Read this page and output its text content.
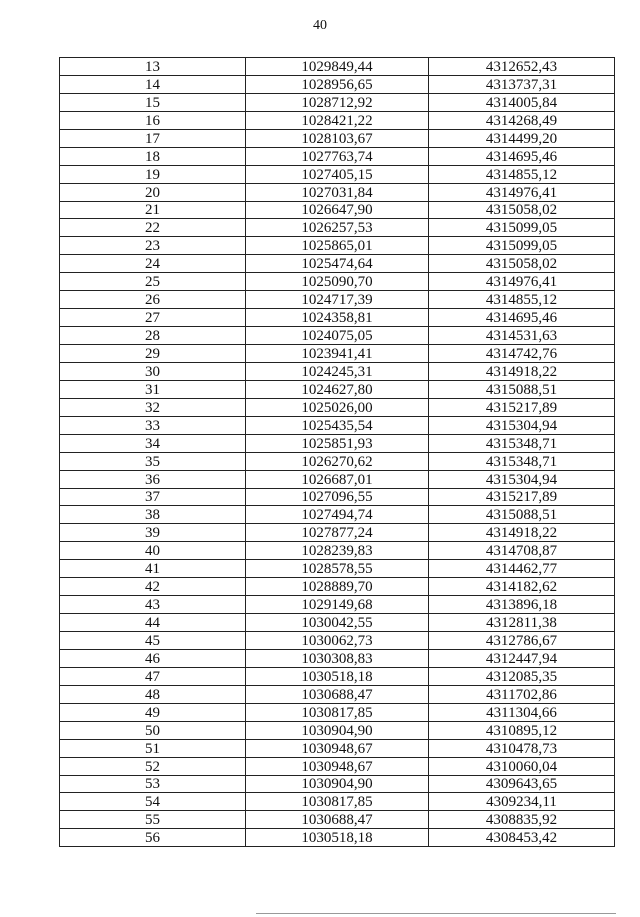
40
13	1029849,44	4312652,43
14	1028956,65	4313737,31
15	1028712,92	4314005,84
16	1028421,22	4314268,49
17	1028103,67	4314499,20
18	1027763,74	4314695,46
19	1027405,15	4314855,12
20	1027031,84	4314976,41
21	1026647,90	4315058,02
22	1026257,53	4315099,05
23	1025865,01	4315099,05
24	1025474,64	4315058,02
25	1025090,70	4314976,41
26	1024717,39	4314855,12
27	1024358,81	4314695,46
28	1024075,05	4314531,63
29	1023941,41	4314742,76
30	1024245,31	4314918,22
31	1024627,80	4315088,51
32	1025026,00	4315217,89
33	1025435,54	4315304,94
34	1025851,93	4315348,71
35	1026270,62	4315348,71
36	1026687,01	4315304,94
37	1027096,55	4315217,89
38	1027494,74	4315088,51
39	1027877,24	4314918,22
40	1028239,83	4314708,87
41	1028578,55	4314462,77
42	1028889,70	4314182,62
43	1029149,68	4313896,18
44	1030042,55	4312811,38
45	1030062,73	4312786,67
46	1030308,83	4312447,94
47	1030518,18	4312085,35
48	1030688,47	4311702,86
49	1030817,85	4311304,66
50	1030904,90	4310895,12
51	1030948,67	4310478,73
52	1030948,67	4310060,04
53	1030904,90	4309643,65
54	1030817,85	4309234,11
55	1030688,47	4308835,92
56	1030518,18	4308453,42
